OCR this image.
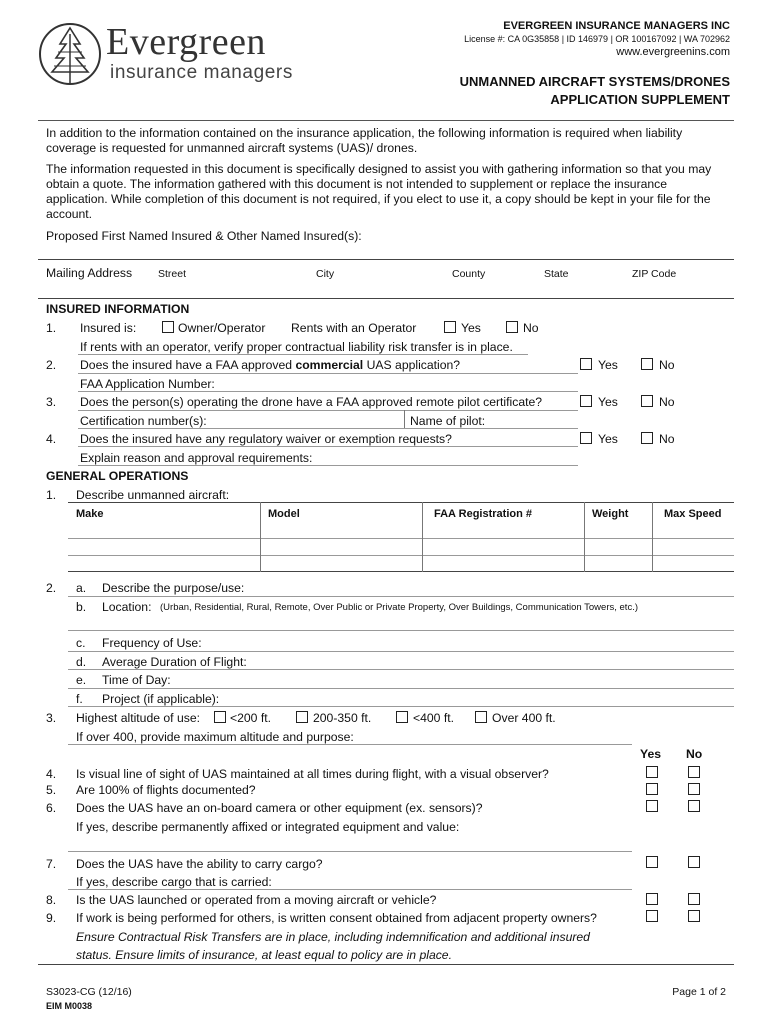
Evergreen
insurance managers
EVERGREEN INSURANCE MANAGERS INC
License #: CA 0G35858 | ID 146979 | OR 100167092 | WA 702962
www.evergreenins.com
UNMANNED AIRCRAFT SYSTEMS/DRONES
APPLICATION SUPPLEMENT
In addition to the information contained on the insurance application, the following information is required when liability coverage is requested for unmanned aircraft systems (UAS)/ drones.
The information requested in this document is specifically designed to assist you with gathering information so that you may obtain a quote. The information gathered with this document is not intended to supplement or replace the insurance application. While completion of this document is not required, if you elect to use it, a copy should be kept in your file for the account.
Proposed First Named Insured & Other Named Insured(s):
Mailing Address Street	City	County	State	ZIP Code
INSURED INFORMATION
1. Insured is:	Owner/Operator Rents with an Operator	Yes	No
If rents with an operator, verify proper contractual liability risk transfer is in place.
2. Does the insured have a FAA approved commercial UAS application?	Yes	No
FAA Application Number:
3. Does the person(s) operating the drone have a FAA approved remote pilot certificate?	Yes	No
Certification number(s):	Name of pilot:
4. Does the insured have any regulatory waiver or exemption requests?	Yes	No
Explain reason and approval requirements:
GENERAL OPERATIONS
1. Describe unmanned aircraft:
Make	Model	FAA Registration #	Weight	Max Speed
2. a. Describe the purpose/use:
b. Location: (Urban, Residential, Rural, Remote, Over Public or Private Property, Over Buildings, Communication Towers, etc.)
c. Frequency of Use:
d. Average Duration of Flight:
e. Time of Day:
f. Project (if applicable):
3. Highest altitude of use: <200 ft.	200-350 ft.	<400 ft.	Over 400 ft.
If over 400, provide maximum altitude and purpose:
Yes No
4. Is visual line of sight of UAS maintained at all times during flight, with a visual observer?
5. Are 100% of flights documented?
6. Does the UAS have an on-board camera or other equipment (ex. sensors)?
If yes, describe permanently affixed or integrated equipment and value:
7. Does the UAS have the ability to carry cargo?
If yes, describe cargo that is carried:
8. Is the UAS launched or operated from a moving aircraft or vehicle?
9. If work is being performed for others, is written consent obtained from adjacent property owners?
Ensure Contractual Risk Transfers are in place, including indemnification and additional insured
status. Ensure limits of insurance, at least equal to policy are in place.
S3023-CG (12/16)
EIM M0038
Page 1 of 2
